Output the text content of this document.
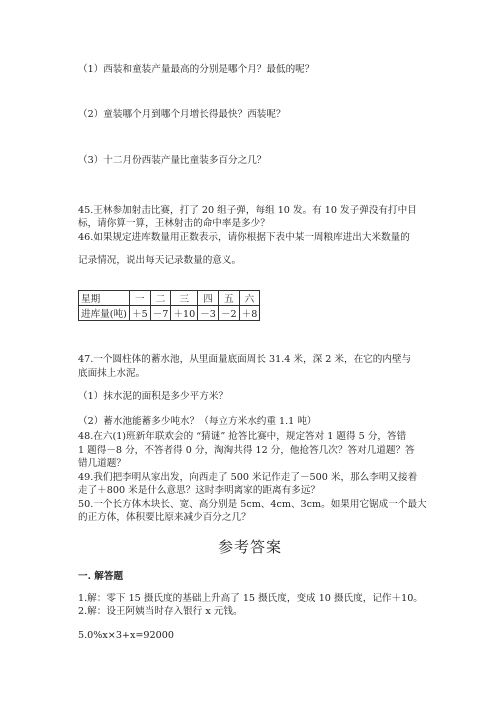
（1）西装和童装产量最高的分别是哪个月？最低的呢？
（2）童装哪个月到哪个月增长得最快？西装呢？
（3）十二月份西装产量比童装多百分之几？
45.王林参加射击比赛，打了 20 组子弹，每组 10 发。有 10 发子弹没有打中目
标，请你算一算，王林射击的命中率是多少？
46.如果规定进库数量用正数表示，请你根据下表中某一周粮库进出大米数量的
记录情况，说出每天记录数量的意义。
星期	一	二	三	四	五	六
进库量(吨)	＋5	－7	＋10	－3	－2	＋8
47.一个圆柱体的蓄水池，从里面量底面周长 31.4 米，深 2 米，在它的内壁与
底面抹上水泥。
（1）抹水泥的面积是多少平方米？
（2）蓄水池能蓄多少吨水？（每立方米水约重 1.1 吨）
48.在六(1)班新年联欢会的 “猜谜” 抢答比赛中，规定答对 1 题得 5 分，答错
1 题得－8 分，不答者得 0 分，淘淘共得 12 分，他抢答几次？答对几道题？答
错几道题？
49.我们把李明从家出发，向西走了 500 米记作走了－500 米，那么李明又接着
走了＋800 米是什么意思？这时李明离家的距离有多远？
50.一个长方体木块长、宽、高分别是 5cm、4cm、3cm。如果用它锯成一个最大
的正方体，体积要比原来减少百分之几？
参考答案
一. 解答题
1.解：零下 15 摄氏度的基础上升高了 15 摄氏度，变成 10 摄氏度，记作＋10。
2.解：设王阿姨当时存入银行 x 元钱。
5.0%x×3+x=92000
